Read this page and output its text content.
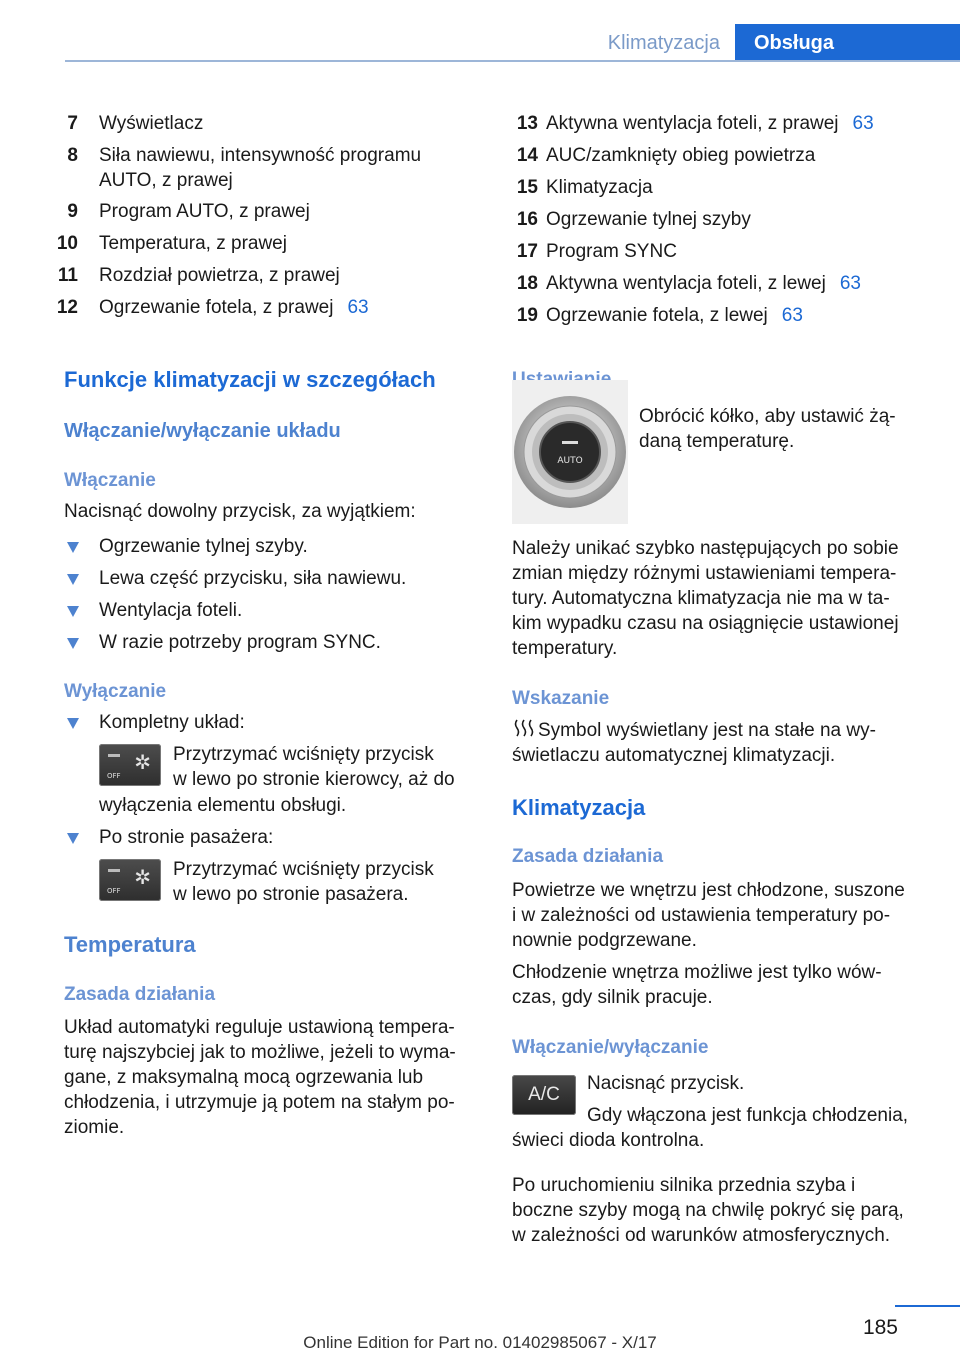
Klimatyzacja	Obsługa
7 Wyświetlacz
8 Siła nawiewu, intensywność programu
AUTO, z prawej
9 Program AUTO, z prawej
10 Temperatura, z prawej
11 Rozdział powietrza, z prawej
12 Ogrzewanie fotela, z prawej 63
13 Aktywna wentylacja foteli, z prawej 63
14 AUC/zamknięty obieg powietrza
15 Klimatyzacja
16 Ogrzewanie tylnej szyby
17 Program SYNC
18 Aktywna wentylacja foteli, z lewej 63
19 Ogrzewanie fotela, z lewej 63
Funkcje klimatyzacji w szczegółach
Włączanie/wyłączanie układu
Włączanie
Nacisnąć dowolny przycisk, za wyjątkiem:
Ogrzewanie tylnej szyby.
Lewa część przycisku, siła nawiewu.
Wentylacja foteli.
W razie potrzeby program SYNC.
Wyłączanie
Kompletny układ:
OFF
✲ Przytrzymać wciśnięty przycisk
w lewo po stronie kierowcy, aż do
wyłączenia elementu obsługi.
Po stronie pasażera:
OFF
✲ Przytrzymać wciśnięty przycisk
w lewo po stronie pasażera.
Temperatura
Zasada działania
Układ automatyki reguluje ustawioną tempera-
turę najszybciej jak to możliwe, jeżeli to wyma-
gane, z maksymalną mocą ogrzewania lub
chłodzenia, i utrzymuje ją potem na stałym po-
ziomie.
AUTO
Obrócić kółko, aby ustawić żą-
daną temperaturę.
Należy unikać szybko następujących po sobie
zmian między różnymi ustawieniami tempera-
tury. Automatyczna klimatyzacja nie ma w ta-
kim wypadku czasu na osiągnięcie ustawionej
temperatury.
Wskazanie
Symbol wyświetlany jest na stałe na wy-
świetlaczu automatycznej klimatyzacji.
Klimatyzacja
Zasada działania
Powietrze we wnętrzu jest chłodzone, suszone
i w zależności od ustawienia temperatury po-
nownie podgrzewane.
Chłodzenie wnętrza możliwe jest tylko wów-
czas, gdy silnik pracuje.
Włączanie/wyłączanie
A/C
Nacisnąć przycisk.
Gdy włączona jest funkcja chłodzenia,
świeci dioda kontrolna.
Po uruchomieniu silnika przednia szyba i
boczne szyby mogą na chwilę pokryć się parą,
w zależności od warunków atmosferycznych.
185
Online Edition for Part no. 01402985067 - X/17
